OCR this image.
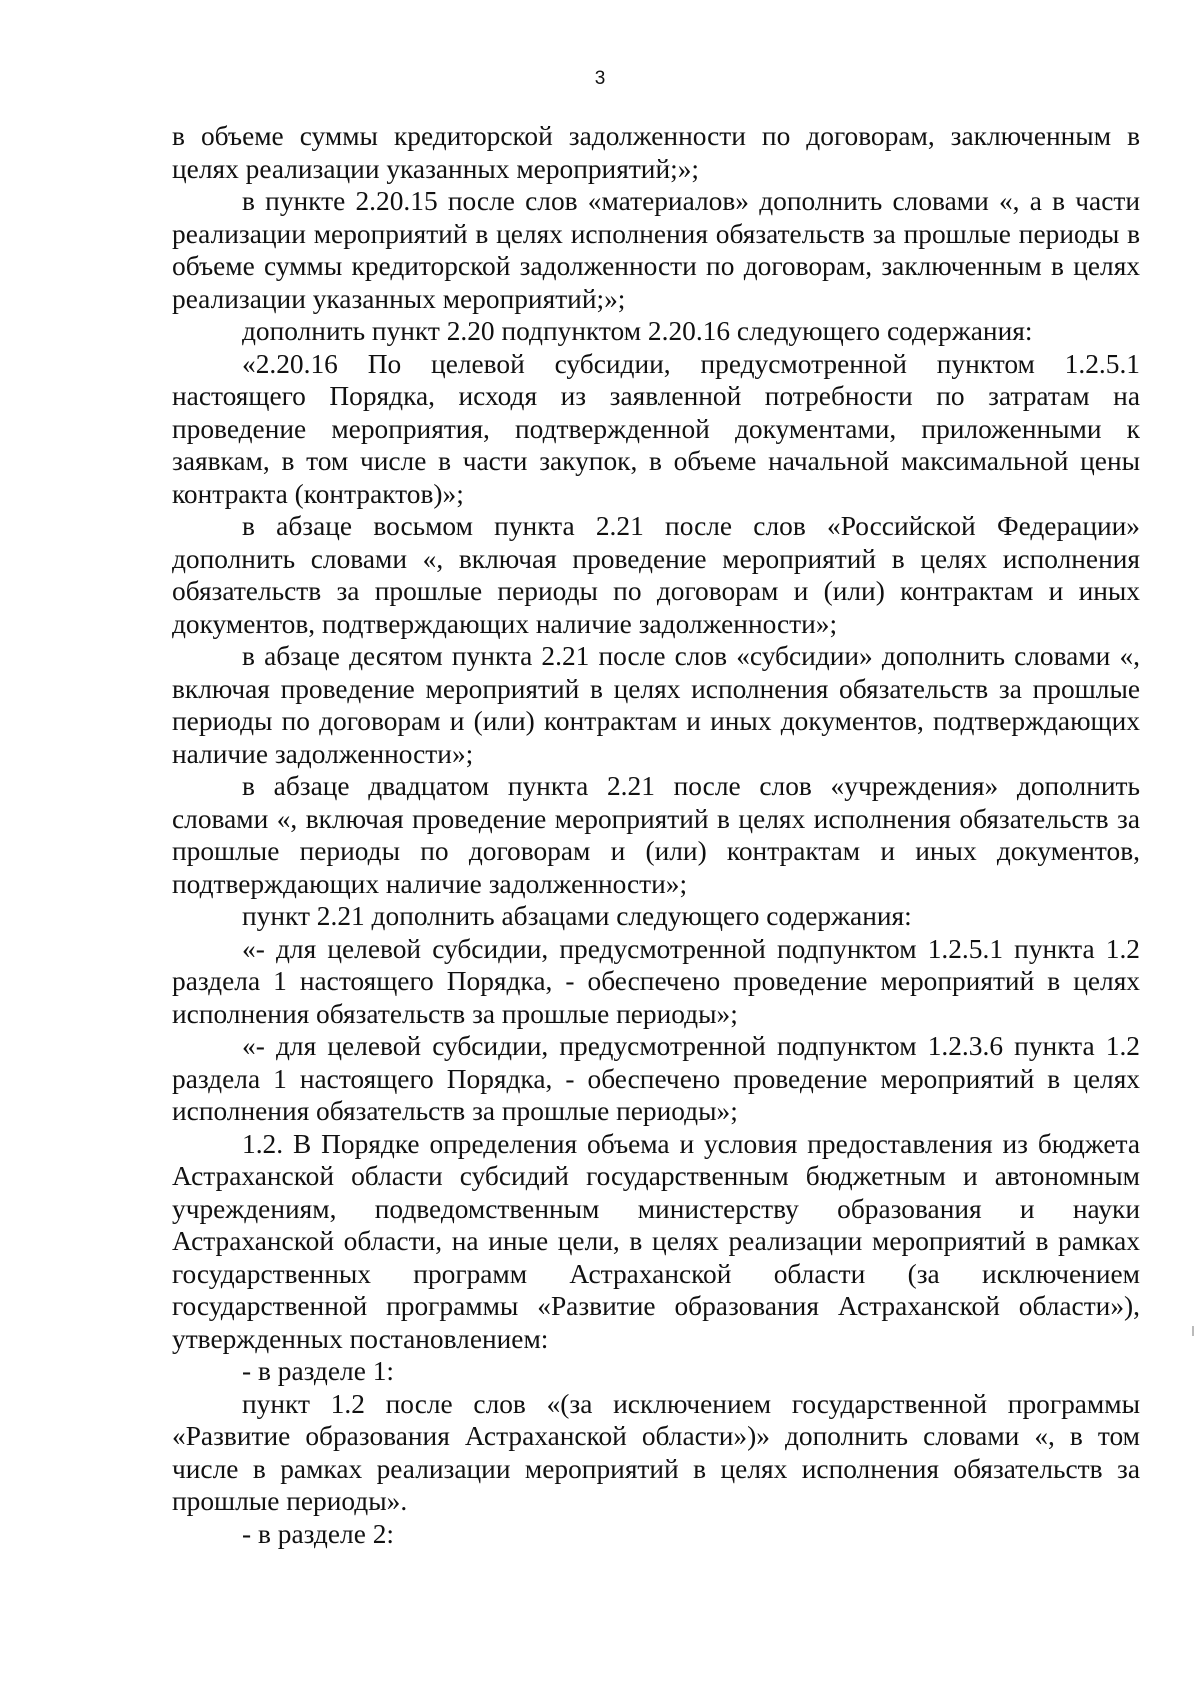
3

в объеме суммы кредиторской задолженности по договорам, заключенным в целях реализации указанных мероприятий;»;

в пункте 2.20.15 после слов «материалов» дополнить словами «, а в части реализации мероприятий в целях исполнения обязательств за прошлые периоды в объеме суммы кредиторской задолженности по договорам, заключенным в целях реализации указанных мероприятий;»;

дополнить пункт 2.20 подпунктом 2.20.16 следующего содержания:

«2.20.16 По целевой субсидии, предусмотренной пунктом 1.2.5.1 настоящего Порядка, исходя из заявленной потребности по затратам на проведение мероприятия, подтвержденной документами, приложенными к заявкам, в том числе в части закупок, в объеме начальной максимальной цены контракта (контрактов)»;

в абзаце восьмом пункта 2.21 после слов «Российской Федерации» дополнить словами «, включая проведение мероприятий в целях исполнения обязательств за прошлые периоды по договорам и (или) контрактам и иных документов, подтверждающих наличие задолженности»;

в абзаце десятом пункта 2.21 после слов «субсидии» дополнить словами «, включая проведение мероприятий в целях исполнения обязательств за прошлые периоды по договорам и (или) контрактам и иных документов, подтверждающих наличие задолженности»;

в абзаце двадцатом пункта 2.21 после слов «учреждения» дополнить словами «, включая проведение мероприятий в целях исполнения обязательств за прошлые периоды по договорам и (или) контрактам и иных документов, подтверждающих наличие задолженности»;

пункт 2.21 дополнить абзацами следующего содержания:

«- для целевой субсидии, предусмотренной подпунктом 1.2.5.1 пункта 1.2 раздела 1 настоящего Порядка, - обеспечено проведение мероприятий в целях исполнения обязательств за прошлые периоды»;

«- для целевой субсидии, предусмотренной подпунктом 1.2.3.6 пункта 1.2 раздела 1 настоящего Порядка, - обеспечено проведение мероприятий в целях исполнения обязательств за прошлые периоды»;

1.2. В Порядке определения объема и условия предоставления из бюджета Астраханской области субсидий государственным бюджетным и автономным учреждениям, подведомственным министерству образования и науки Астраханской области, на иные цели, в целях реализации мероприятий в рамках государственных программ Астраханской области (за исключением государственной программы «Развитие образования Астраханской области»), утвержденных постановлением:

- в разделе 1:

пункт 1.2 после слов «(за исключением государственной программы «Развитие образования Астраханской области»)» дополнить словами «, в том числе в рамках реализации мероприятий в целях исполнения обязательств за прошлые периоды».

- в разделе 2:
